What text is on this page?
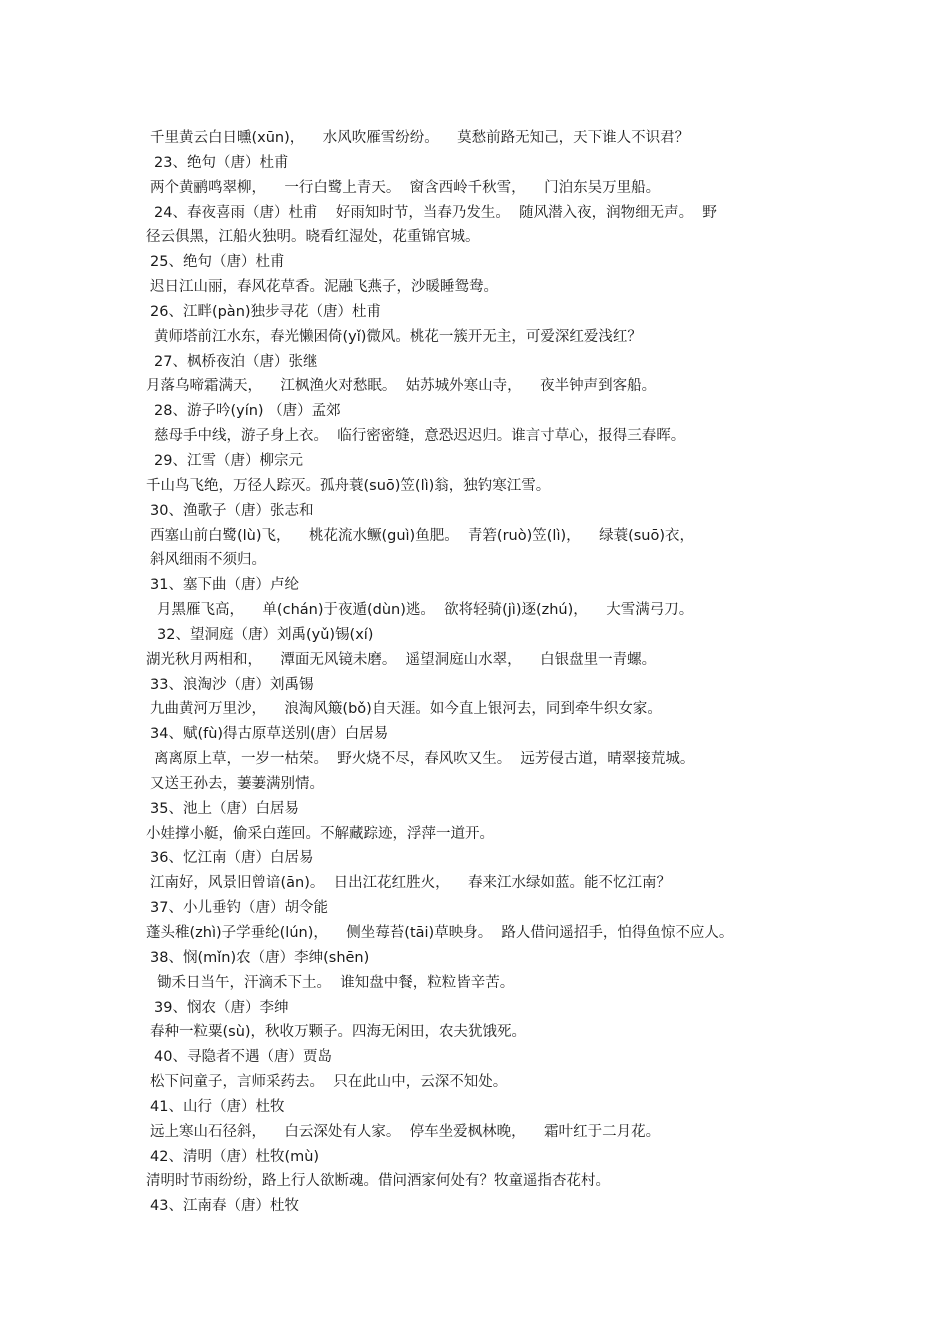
千里黄云白日曛(xūn)，    水风吹雁雪纷纷。    莫愁前路无知己，天下谁人不识君？
23、绝句（唐）杜甫
两个黄鹂鸣翠柳，    一行白鹭上青天。  窗含西岭千秋雪，    门泊东吴万里船。
24、春夜喜雨（唐）杜甫    好雨知时节，当春乃发生。  随风潜入夜，润物细无声。  野
径云俱黑，江船火独明。晓看红湿处，花重锦官城。
25、绝句（唐）杜甫
迟日江山丽，春风花草香。泥融飞燕子，沙暖睡鸳鸯。
26、江畔(pàn)独步寻花（唐）杜甫
黄师塔前江水东，春光懒困倚(yǐ)微风。桃花一簇开无主，可爱深红爱浅红？
27、枫桥夜泊（唐）张继
月落乌啼霜满天，    江枫渔火对愁眠。  姑苏城外寒山寺，    夜半钟声到客船。
28、游子吟(yín) （唐）孟郊
慈母手中线，游子身上衣。  临行密密缝，意恐迟迟归。谁言寸草心，报得三春晖。
29、江雪（唐）柳宗元
千山鸟飞绝，万径人踪灭。孤舟蓑(suō)笠(lì)翁，独钓寒江雪。
30、渔歌子（唐）张志和
西塞山前白鹭(lù)飞，    桃花流水鳜(guì)鱼肥。  青箬(ruò)笠(lì)，    绿蓑(suō)衣，
斜风细雨不须归。
31、塞下曲（唐）卢纶
月黑雁飞高，    单(chán)于夜遁(dùn)逃。  欲将轻骑(jì)逐(zhú)，    大雪满弓刀。
32、望洞庭（唐）刘禹(yǔ)锡(xí)
湖光秋月两相和，    潭面无风镜未磨。  遥望洞庭山水翠，    白银盘里一青螺。
33、浪淘沙（唐）刘禹锡
九曲黄河万里沙，    浪淘风簸(bǒ)自天涯。如今直上银河去，同到牵牛织女家。
34、赋(fù)得古原草送别(唐）白居易
离离原上草，一岁一枯荣。  野火烧不尽，春风吹又生。  远芳侵古道，晴翠接荒城。
又送王孙去，萋萋满别情。
35、池上（唐）白居易
小娃撑小艇，偷采白莲回。不解藏踪迹，浮萍一道开。
36、忆江南（唐）白居易
江南好，风景旧曾谙(ān)。  日出江花红胜火，    春来江水绿如蓝。能不忆江南？
37、小儿垂钓（唐）胡令能
蓬头稚(zhì)子学垂纶(lún)，    侧坐莓苔(tāi)草映身。  路人借问遥招手，怕得鱼惊不应人。
38、悯(mǐn)农（唐）李绅(shēn)
锄禾日当午，汗滴禾下土。  谁知盘中餐，粒粒皆辛苦。
39、悯农（唐）李绅
春种一粒粟(sù)，秋收万颗子。四海无闲田，农夫犹饿死。
40、寻隐者不遇（唐）贾岛
松下问童子，言师采药去。  只在此山中，云深不知处。
41、山行（唐）杜牧
远上寒山石径斜，    白云深处有人家。  停车坐爱枫林晚，    霜叶红于二月花。
42、清明（唐）杜牧(mù)
清明时节雨纷纷，路上行人欲断魂。借问酒家何处有？牧童遥指杏花村。
43、江南春（唐）杜牧
